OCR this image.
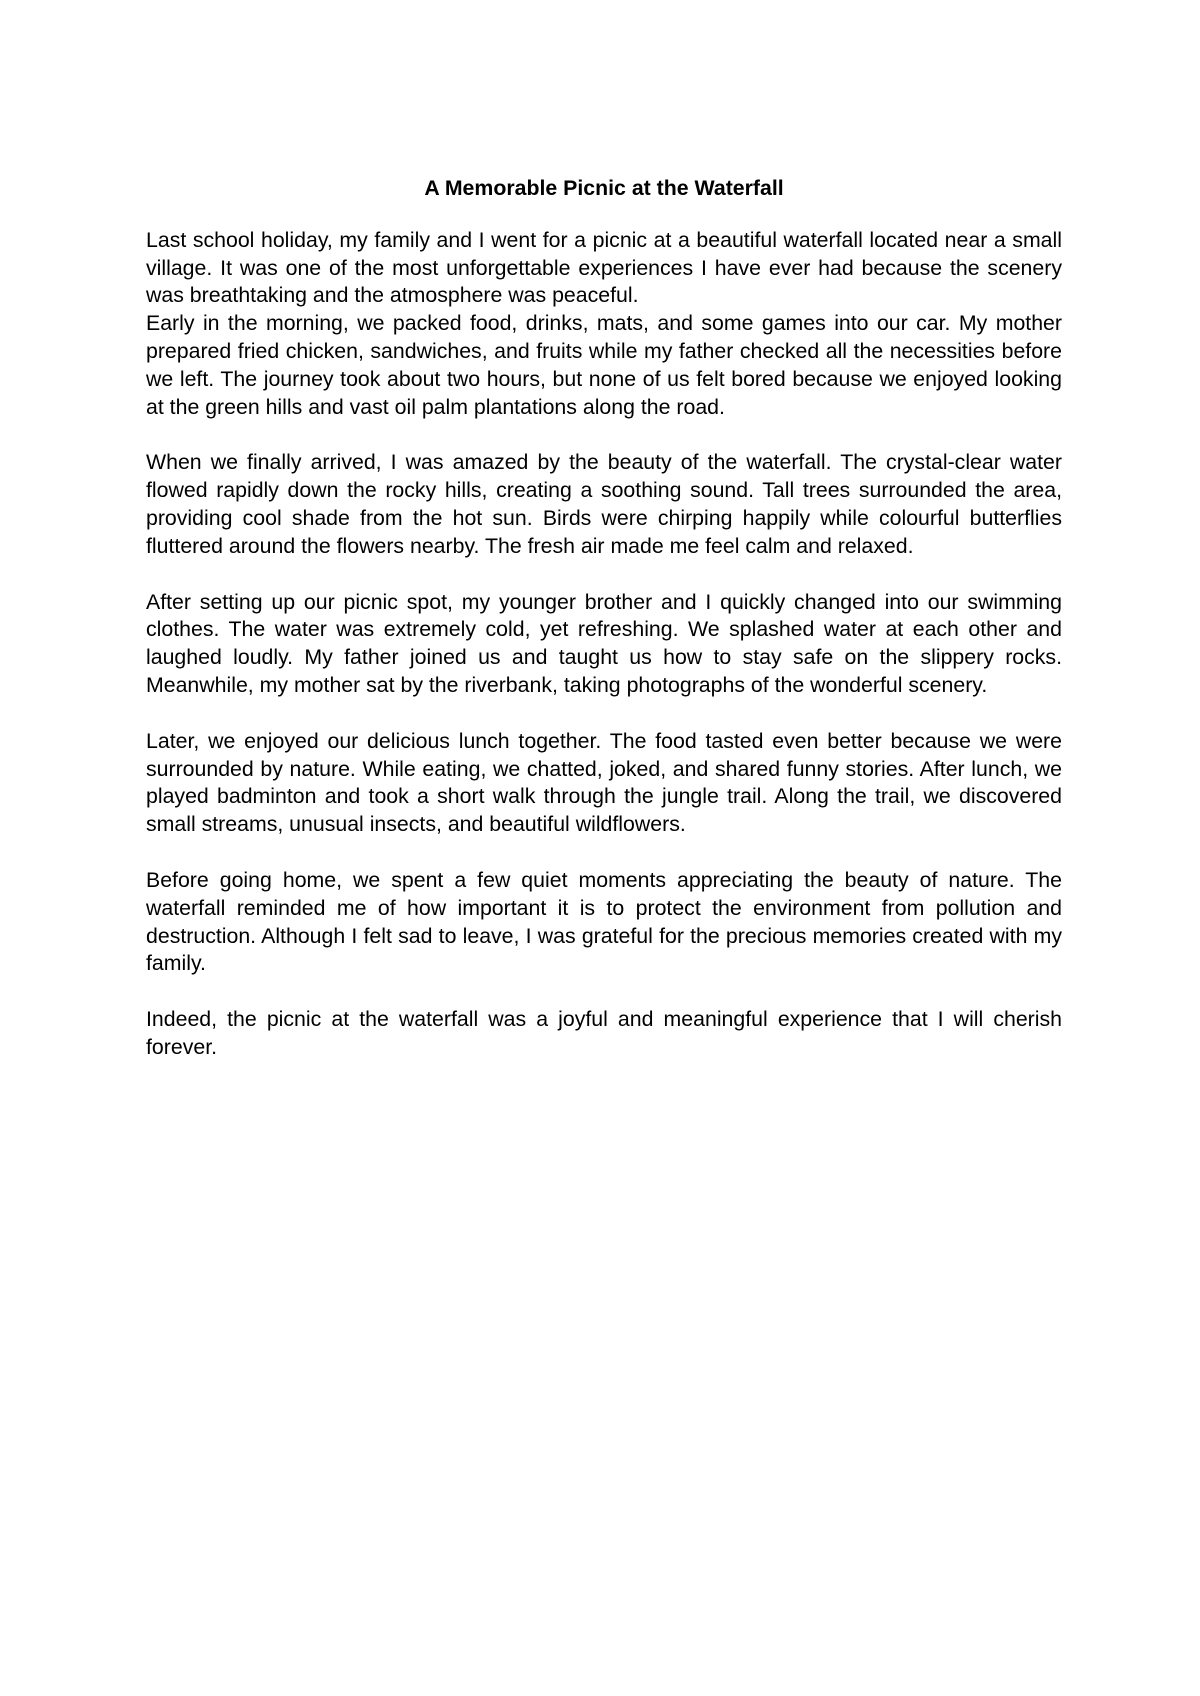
A Memorable Picnic at the Waterfall

Last school holiday, my family and I went for a picnic at a beautiful waterfall located near a small village. It was one of the most unforgettable experiences I have ever had because the scenery was breathtaking and the atmosphere was peaceful.

Early in the morning, we packed food, drinks, mats, and some games into our car. My mother prepared fried chicken, sandwiches, and fruits while my father checked all the necessities before we left. The journey took about two hours, but none of us felt bored because we enjoyed looking at the green hills and vast oil palm plantations along the road.

When we finally arrived, I was amazed by the beauty of the waterfall. The crystal-clear water flowed rapidly down the rocky hills, creating a soothing sound. Tall trees surrounded the area, providing cool shade from the hot sun. Birds were chirping happily while colourful butterflies fluttered around the flowers nearby. The fresh air made me feel calm and relaxed.

After setting up our picnic spot, my younger brother and I quickly changed into our swimming clothes. The water was extremely cold, yet refreshing. We splashed water at each other and laughed loudly. My father joined us and taught us how to stay safe on the slippery rocks. Meanwhile, my mother sat by the riverbank, taking photographs of the wonderful scenery.

Later, we enjoyed our delicious lunch together. The food tasted even better because we were surrounded by nature. While eating, we chatted, joked, and shared funny stories. After lunch, we played badminton and took a short walk through the jungle trail. Along the trail, we discovered small streams, unusual insects, and beautiful wildflowers.

Before going home, we spent a few quiet moments appreciating the beauty of nature. The waterfall reminded me of how important it is to protect the environment from pollution and destruction. Although I felt sad to leave, I was grateful for the precious memories created with my family.

Indeed, the picnic at the waterfall was a joyful and meaningful experience that I will cherish forever.
